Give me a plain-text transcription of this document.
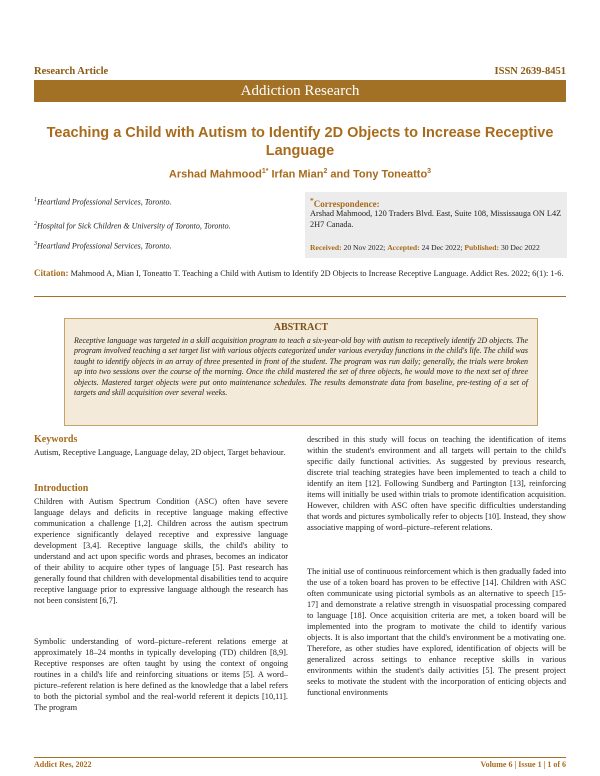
Research Article	ISSN 2639-8451
Addiction Research
Teaching a Child with Autism to Identify 2D Objects to Increase Receptive Language
Arshad Mahmood$^{1*}$ Irfan Mian$^2$ and Tony Toneatto$^3$
$^1$Heartland Professional Services, Toronto.
$^2$Hospital for Sick Children & University of Toronto, Toronto.
$^3$Heartland Professional Services, Toronto.
*Correspondence:
Arshad Mahmood, 120 Traders Blvd. East, Suite 108, Mississauga ON L4Z 2H7 Canada.
Received: 20 Nov 2022; Accepted: 24 Dec 2022; Published: 30 Dec 2022
Citation: Mahmood A, Mian I, Toneatto T. Teaching a Child with Autism to Identify 2D Objects to Increase Receptive Language. Addict Res. 2022; 6(1): 1-6.
ABSTRACT
Receptive language was targeted in a skill acquisition program to teach a six-year-old boy with autism to receptively identify 2D objects. The program involved teaching a set target list with various objects categorized under various everyday functions in the child's life. The child was taught to identify objects in an array of three presented in front of the student. The program was run daily; generally, the trials were broken up into two sessions over the course of the morning. Once the child mastered the set of three objects, he would move to the next set of three objects. Mastered target objects were put onto maintenance schedules. The results demonstrate data from baseline, pre-testing of a set of targets and skill acquisition over several weeks.
Keywords
Autism, Receptive Language, Language delay, 2D object, Target behaviour.
Introduction
Children with Autism Spectrum Condition (ASC) often have severe language delays and deficits in receptive language making effective communication a challenge [1,2]. Children across the autism spectrum experience significantly delayed receptive and expressive language development [3,4]. Receptive language skills, the child's ability to understand and act upon specific words and phrases, becomes an indicator of their ability to acquire other types of language [5]. Past research has generally found that children with developmental disabilities tend to acquire receptive language prior to expressive language although the research has not been consistent [6,7].
Symbolic understanding of word–picture–referent relations emerge at approximately 18–24 months in typically developing (TD) children [8,9]. Receptive responses are often taught by using the context of ongoing routines in a child's life and reinforcing situations or items [5]. A word–picture–referent relation is here defined as the knowledge that a label refers to both the pictorial symbol and the real-world referent it depicts [10,11]. The program
described in this study will focus on teaching the identification of items within the student's environment and all targets will pertain to the child's specific daily functional activities. As suggested by previous research, discrete trial teaching strategies have been implemented to teach a child to identify an item [12]. Following Sundberg and Partington [13], reinforcing items will initially be used within trials to promote identification acquisition. However, children with ASC often have specific difficulties understanding that words and pictures symbolically refer to objects [10]. Instead, they show associative mapping of word–picture–referent relations.
The initial use of continuous reinforcement which is then gradually faded into the use of a token board has proven to be effective [14]. Children with ASC often communicate using pictorial symbols as an alternative to speech [15-17] and demonstrate a relative strength in visuospatial processing compared to language [18]. Once acquisition criteria are met, a token board will be implemented into the program to motivate the child to identify various objects. It is also important that the child's environment be a motivating one. Therefore, as other studies have explored, identification of objects will be generalized across settings to enhance receptive skills in various environments within the student's daily activities [5]. The present project seeks to motivate the student with the incorporation of enticing objects and functional environments
Addict Res, 2022	Volume 6 | Issue 1 | 1 of 6
